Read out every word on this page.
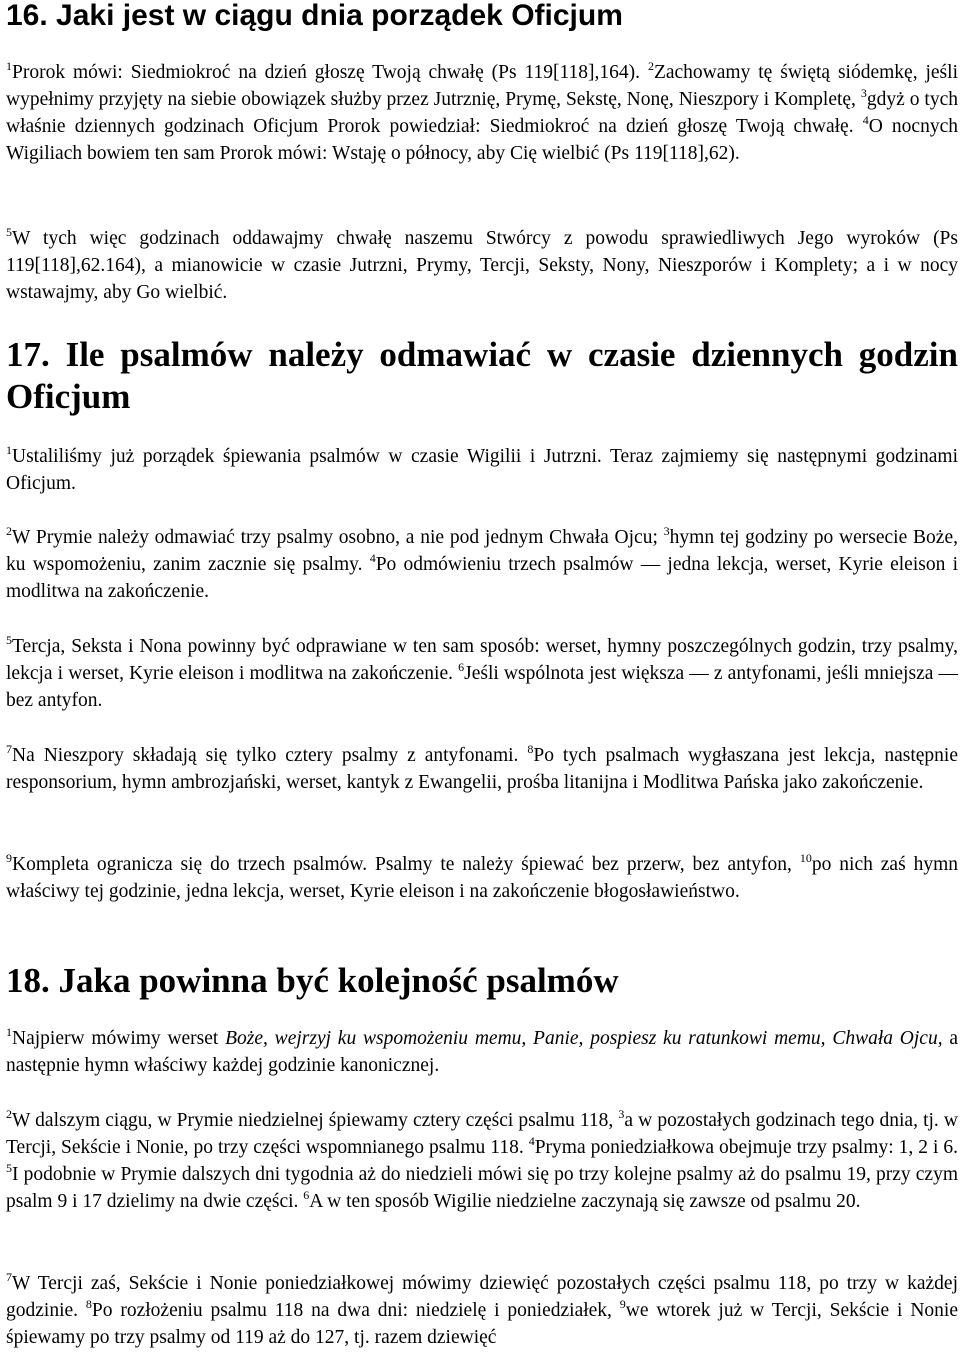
16. Jaki jest w ciągu dnia porządek Oficjum

$^1$Prorok mówi: Siedmiokroć na dzień głoszę Twoją chwałę (Ps 119[118],164). $^2$Zachowamy tę świętą siódemkę, jeśli wypełnimy przyjęty na siebie obowiązek służby przez Jutrznię, Prymę, Sekstę, Nonę, Nieszpory i Kompletę, $^3$gdyż o tych właśnie dziennych godzinach Oficjum Prorok powiedział: Siedmiokroć na dzień głoszę Twoją chwałę. $^4$O nocnych Wigiliach bowiem ten sam Prorok mówi: Wstaję o północy, aby Cię wielbić (Ps 119[118],62).

$^5$W tych więc godzinach oddawajmy chwałę naszemu Stwórcy z powodu sprawiedliwych Jego wyroków (Ps 119[118],62.164), a mianowicie w czasie Jutrzni, Prymy, Tercji, Seksty, Nony, Nieszporów i Komplety; a i w nocy wstawajmy, aby Go wielbić.

17. Ile psalmów należy odmawiać w czasie dziennych godzin Oficjum

$^1$Ustaliliśmy już porządek śpiewania psalmów w czasie Wigilii i Jutrzni. Teraz zajmiemy się następnymi godzinami Oficjum.

$^2$W Prymie należy odmawiać trzy psalmy osobno, a nie pod jednym Chwała Ojcu; $^3$hymn tej godziny po wersecie Boże, ku wspomożeniu, zanim zacznie się psalmy. $^4$Po odmówieniu trzech psalmów — jedna lekcja, werset, Kyrie eleison i modlitwa na zakończenie.

$^5$Tercja, Seksta i Nona powinny być odprawiane w ten sam sposób: werset, hymny poszczególnych godzin, trzy psalmy, lekcja i werset, Kyrie eleison i modlitwa na zakończenie. $^6$Jeśli wspólnota jest większa — z antyfonami, jeśli mniejsza — bez antyfon.

$^7$Na Nieszpory składają się tylko cztery psalmy z antyfonami. $^8$Po tych psalmach wygłaszana jest lekcja, następnie responsorium, hymn ambrozjański, werset, kantyk z Ewangelii, prośba litanijna i Modlitwa Pańska jako zakończenie.

$^9$Kompleta ogranicza się do trzech psalmów. Psalmy te należy śpiewać bez przerw, bez antyfon, $^{10}$po nich zaś hymn właściwy tej godzinie, jedna lekcja, werset, Kyrie eleison i na zakończenie błogosławieństwo.

18. Jaka powinna być kolejność psalmów

$^1$Najpierw mówimy werset Boże, wejrzyj ku wspomożeniu memu, Panie, pospiesz ku ratunkowi memu, Chwała Ojcu, a następnie hymn właściwy każdej godzinie kanonicznej.

$^2$W dalszym ciągu, w Prymie niedzielnej śpiewamy cztery części psalmu 118, $^3$a w pozostałych godzinach tego dnia, tj. w Tercji, Sekście i Nonie, po trzy części wspomnianego psalmu 118. $^4$Pryma poniedziałkowa obejmuje trzy psalmy: 1, 2 i 6. $^5$I podobnie w Prymie dalszych dni tygodnia aż do niedzieli mówi się po trzy kolejne psalmy aż do psalmu 19, przy czym psalm 9 i 17 dzielimy na dwie części. $^6$A w ten sposób Wigilie niedzielne zaczynają się zawsze od psalmu 20.

$^7$W Tercji zaś, Sekście i Nonie poniedziałkowej mówimy dziewięć pozostałych części psalmu 118, po trzy w każdej godzinie. $^8$Po rozłożeniu psalmu 118 na dwa dni: niedzielę i poniedziałek, $^9$we wtorek już w Tercji, Sekście i Nonie śpiewamy po trzy psalmy od 119 aż do 127, tj. razem dziewięć
